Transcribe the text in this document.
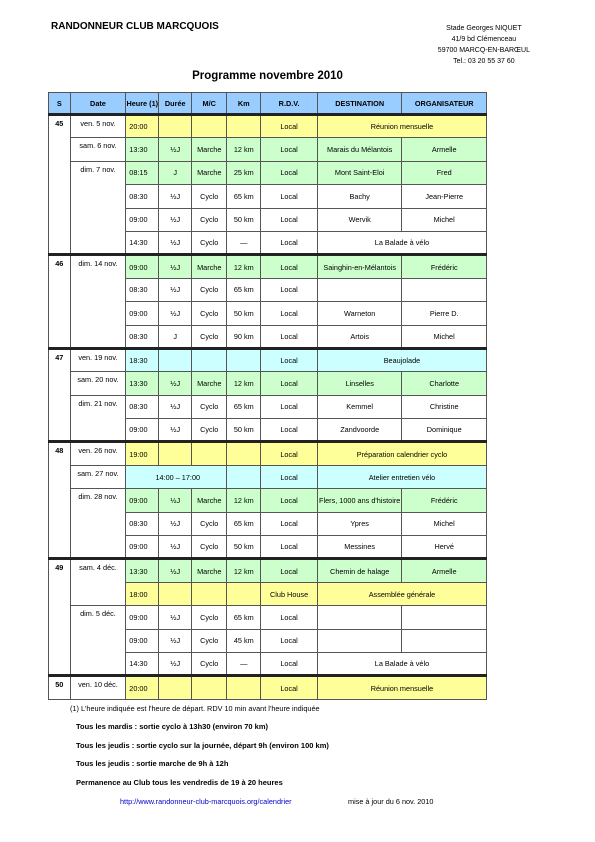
RANDONNEUR CLUB MARCQUOIS	Stade Georges NIQUET
41/9 bd Clémenceau
59700 MARCQ-EN-BARŒUL
Tel.: 03 20 55 37 60
Programme novembre 2010
S	Date	Heure (1)	Durée	M/C	Km	R.D.V.	DESTINATION	ORGANISATEUR
45	ven. 5 nov.	20:00				Local	Réunion mensuelle	
	sam. 6 nov.	13:30	½J	Marche	12 km	Local	Marais du Mélantois	Armelle
	dim. 7 nov.	08:15	J	Marche	25 km	Local	Mont Saint-Eloi	Fred
		08:30	½J	Cyclo	65 km	Local	Bachy	Jean-Pierre
		09:00	½J	Cyclo	50 km	Local	Wervik	Michel
		14:30	½J	Cyclo	—	Local	La Balade à vélo	
46	dim. 14 nov.	09:00	½J	Marche	12 km	Local	Sainghin-en-Mélantois	Frédéric
		08:30	½J	Cyclo	65 km	Local		
		09:00	½J	Cyclo	50 km	Local	Warneton	Pierre D.
		08:30	J	Cyclo	90 km	Local	Artois	Michel
47	ven. 19 nov.	18:30				Local	Beaujolade	
	sam. 20 nov.	13:30	½J	Marche	12 km	Local	Linselles	Charlotte
	dim. 21 nov.	08:30	½J	Cyclo	65 km	Local	Kemmel	Christine
		09:00	½J	Cyclo	50 km	Local	Zandvoorde	Dominique
48	ven. 26 nov.	19:00				Local	Préparation calendrier cyclo	
	sam. 27 nov.	14:00 – 17:00				Local	Atelier entretien vélo	
	dim. 28 nov.	09:00	½J	Marche	12 km	Local	Flers, 1000 ans d'histoire	Frédéric
		08:30	½J	Cyclo	65 km	Local	Ypres	Michel
		09:00	½J	Cyclo	50 km	Local	Messines	Hervé
49	sam. 4 déc.	13:30	½J	Marche	12 km	Local	Chemin de halage	Armelle
		18:00				Club House	Assemblée générale	
	dim. 5 déc.	09:00	½J	Cyclo	65 km	Local		
		09:00	½J	Cyclo	45 km	Local		
		14:30	½J	Cyclo	—	Local	La Balade à vélo	
50	ven. 10 déc.	20:00				Local	Réunion mensuelle	
(1) L'heure indiquée est l'heure de départ. RDV 10 min avant l'heure indiquée
Tous les mardis : sortie cyclo à 13h30 (environ 70 km)
Tous les jeudis : sortie cyclo sur la journée, départ 9h (environ 100 km)
Tous les jeudis : sortie marche de 9h à 12h
Permanence au Club tous les vendredis de 19 à 20 heures
http://www.randonneur-club-marcquois.org/calendrier	mise à jour du 6 nov. 2010
